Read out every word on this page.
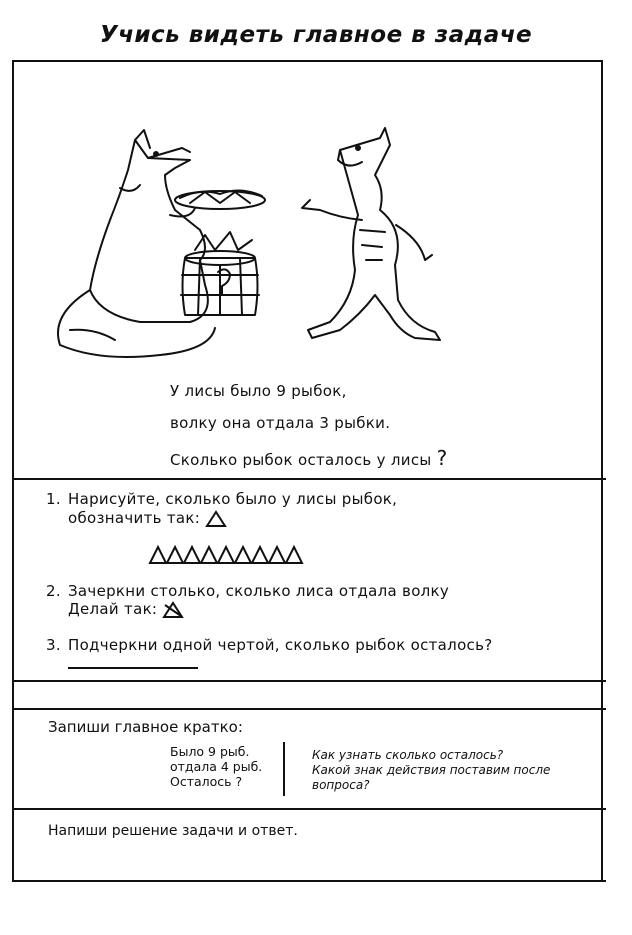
Учись видеть главное в задаче
У лисы было 9 рыбок,
волку она отдала 3 рыбки.
Сколько рыбок осталось у лисы ?
1. Нарисуйте, сколько было у лисы рыбок,
обозначить так:
2. Зачеркни столько, сколько лиса отдала волку
Делай так:
3. Подчеркни одной чертой, сколько рыбок осталось?
Запиши главное кратко:
Было 9 рыб.
отдала 4 рыб.
Осталось ?
Как узнать сколько осталось?
Какой знак действия поставим после
вопроса?
Напиши решение задачи и ответ.
